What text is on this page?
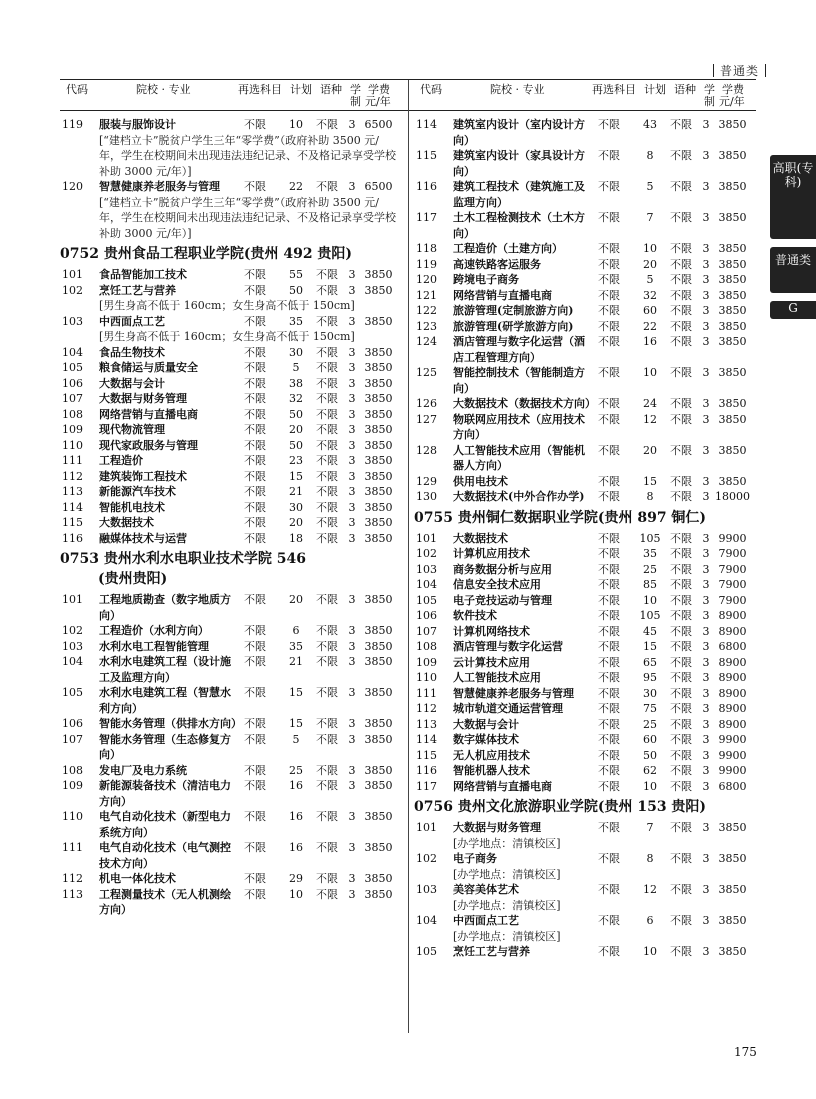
普通类
代码	院校 · 专业	再选科目 计划 语种 学
制
学费
元/年
119	服装与服饰设计	不限	10	不限 3 6500
[“建档立卡”脱贫户学生三年“零学费”（政府补助 3500 元/年，学生在校期间未出现违法违纪记录、不及格记录享受学校补助 3000 元/年）]
120	智慧健康养老服务与管理	不限	22	不限 3 6500
[“建档立卡”脱贫户学生三年“零学费”（政府补助 3500 元/年，学生在校期间未出现违法违纪记录、不及格记录享受学校补助 3000 元/年）]
0752 贵州食品工程职业学院(贵州 492 贵阳)
101	食品智能加工技术	不限	55	不限 3 3850
102	烹饪工艺与营养	不限	50	不限 3 3850
[男生身高不低于 160cm；女生身高不低于 150cm]
103	中西面点工艺	不限	35	不限 3 3850
[男生身高不低于 160cm；女生身高不低于 150cm]
104	食品生物技术	不限	30	不限 3 3850
105	粮食储运与质量安全	不限	5	不限 3 3850
106	大数据与会计	不限	38	不限 3 3850
107	大数据与财务管理	不限	32	不限 3 3850
108	网络营销与直播电商	不限	50	不限 3 3850
109	现代物流管理	不限	20	不限 3 3850
110	现代家政服务与管理	不限	50	不限 3 3850
111	工程造价	不限	23	不限 3 3850
112	建筑装饰工程技术	不限	15	不限 3 3850
113	新能源汽车技术	不限	21	不限 3 3850
114	智能机电技术	不限	30	不限 3 3850
115	大数据技术	不限	20	不限 3 3850
116	融媒体技术与运营	不限	18	不限 3 3850
0753 贵州水利水电职业技术学院 546
(贵州贵阳)
101	工程地质勘查（数字地质方向）
不限	20	不限 3 3850
102	工程造价（水利方向）	不限	6	不限 3 3850
103	水利水电工程智能管理	不限	35	不限 3 3850
104	水利水电建筑工程（设计施工及监理方向）
不限	21	不限 3 3850
105	水利水电建筑工程（智慧水利方向）
不限	15	不限 3 3850
106	智能水务管理（供排水方向） 不限	15	不限 3 3850
107	智能水务管理（生态修复方向）
不限	5	不限 3 3850
108	发电厂及电力系统	不限	25	不限 3 3850
109	新能源装备技术（清洁电力方向）
不限	16	不限 3 3850
110	电气自动化技术（新型电力系统方向）
不限	16	不限 3 3850
111	电气自动化技术（电气测控技术方向）
不限	16	不限 3 3850
112	机电一体化技术	不限	29	不限 3 3850
113	工程测量技术（无人机测绘方向）
不限	10	不限 3 3850
代码	院校 · 专业	再选科目 计划 语种 学
制
学费
元/年
114	建筑室内设计（室内设计方向）
不限	43	不限 3 3850
115	建筑室内设计（家具设计方向）
不限	8	不限 3 3850
116	建筑工程技术（建筑施工及监理方向）
不限	5	不限 3 3850
117	土木工程检测技术（土木方向）
不限	7	不限 3 3850
118	工程造价（土建方向）	不限	10	不限 3 3850
119	高速铁路客运服务	不限	20	不限 3 3850
120	跨境电子商务	不限	5	不限 3 3850
121	网络营销与直播电商	不限	32	不限 3 3850
122	旅游管理(定制旅游方向)	不限	60	不限 3 3850
123	旅游管理(研学旅游方向)	不限	22	不限 3 3850
124	酒店管理与数字化运营（酒店工程管理方向）
不限	16	不限 3 3850
125	智能控制技术（智能制造方向）
不限	10	不限 3 3850
126	大数据技术（数据技术方向） 不限	24	不限 3 3850
127	物联网应用技术（应用技术方向）
不限	12	不限 3 3850
128	人工智能技术应用（智能机器人方向）
不限	20	不限 3 3850
129	供用电技术	不限	15	不限 3 3850
130	大数据技术(中外合作办学)	不限	8	不限 3 18000
0755 贵州铜仁数据职业学院(贵州 897 铜仁)
101	大数据技术	不限	105 不限 3 9900
102	计算机应用技术	不限	35	不限 3 7900
103	商务数据分析与应用	不限	25	不限 3 7900
104	信息安全技术应用	不限	85	不限 3 7900
105	电子竞技运动与管理	不限	10	不限 3 7900
106	软件技术	不限	105 不限 3 8900
107	计算机网络技术	不限	45	不限 3 8900
108	酒店管理与数字化运营	不限	15	不限 3 6800
109	云计算技术应用	不限	65	不限 3 8900
110	人工智能技术应用	不限	95	不限 3 8900
111	智慧健康养老服务与管理	不限	30	不限 3 8900
112	城市轨道交通运营管理	不限	75	不限 3 8900
113	大数据与会计	不限	25	不限 3 8900
114	数字媒体技术	不限	60	不限 3 9900
115	无人机应用技术	不限	50	不限 3 9900
116	智能机器人技术	不限	62	不限 3 9900
117	网络营销与直播电商	不限	10	不限 3 6800
0756 贵州文化旅游职业学院(贵州 153 贵阳)
101	大数据与财务管理	不限	7	不限 3 3850
[办学地点：清镇校区]
102	电子商务	不限	8	不限 3 3850
[办学地点：清镇校区]
103	美容美体艺术	不限	12	不限 3 3850
[办学地点：清镇校区]
104	中西面点工艺	不限	6	不限 3 3850
[办学地点：清镇校区]
105	烹饪工艺与营养	不限	10	不限 3 3850
高职(专科)
普通类
G
175
